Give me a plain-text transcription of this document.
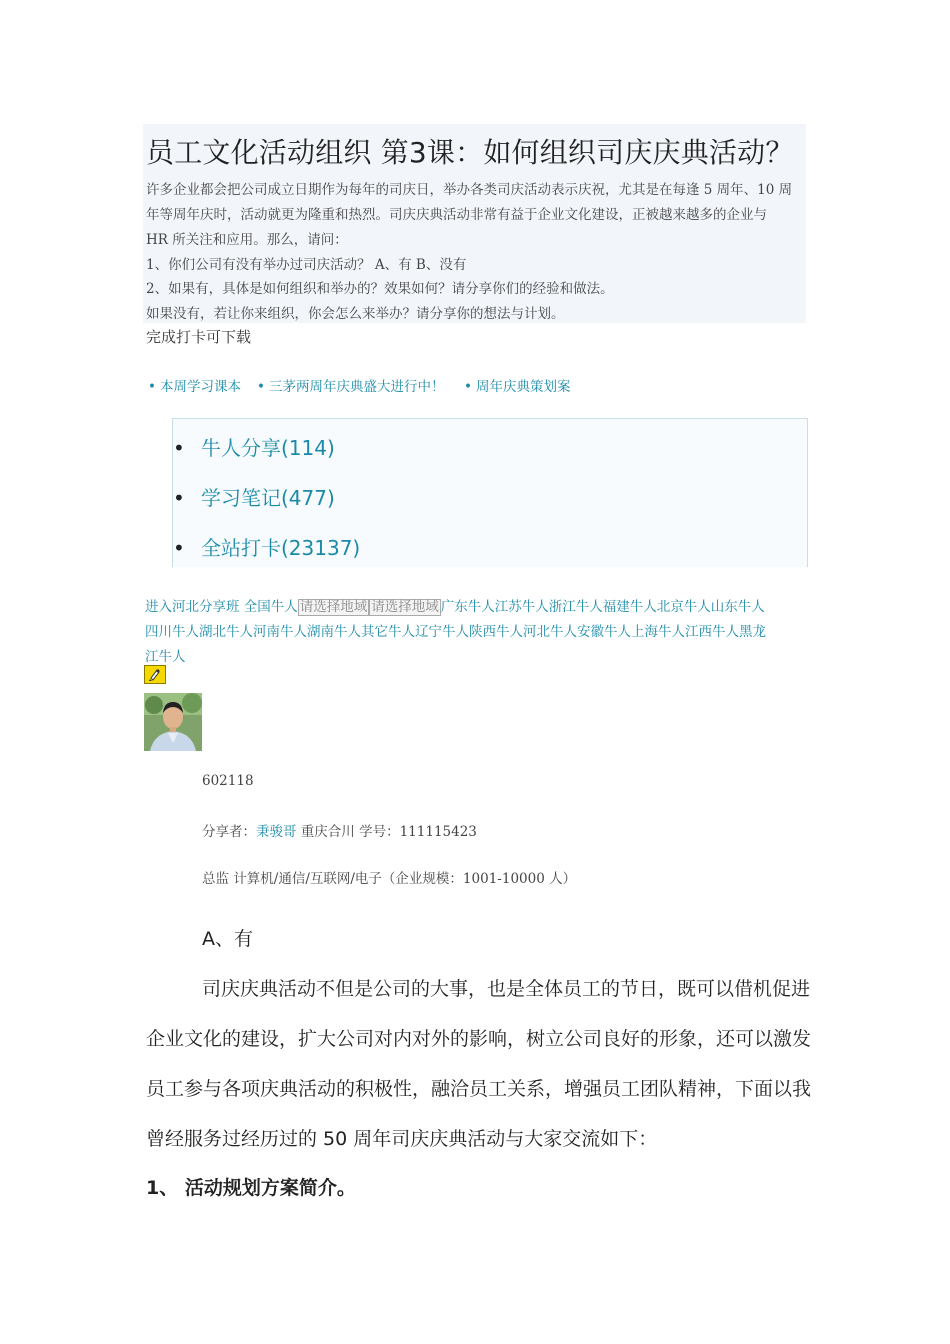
员工文化活动组织 第3课：如何组织司庆庆典活动？
许多企业都会把公司成立日期作为每年的司庆日，举办各类司庆活动表示庆祝，尤其是在每逢 5 周年、10 周
年等周年庆时，活动就更为隆重和热烈。司庆庆典活动非常有益于企业文化建设，正被越来越多的企业与
HR 所关注和应用。那么，请问：
1、你们公司有没有举办过司庆活动？ A、有 B、没有
2、如果有，具体是如何组织和举办的？效果如何？请分享你们的经验和做法。
如果没有，若让你来组织，你会怎么来举办？请分享你的想法与计划。
完成打卡可下载
• 本周学习课本 • 三茅两周年庆典盛大进行中！ • 周年庆典策划案
• 牛人分享(114)
• 学习笔记(477)
• 全站打卡(23137)
进入河北分享班 全国牛人 请选择地域 请选择地域 广东牛人江苏牛人浙江牛人福建牛人北京牛人山东牛人
四川牛人湖北牛人河南牛人湖南牛人其它牛人辽宁牛人陕西牛人河北牛人安徽牛人上海牛人江西牛人黑龙
江牛人
602118
分享者：秉骏哥 重庆合川 学号：111115423
总监 计算机/通信/互联网/电子（企业规模：1001-10000 人）
A、有
司庆庆典活动不但是公司的大事，也是全体员工的节日，既可以借机促进
企业文化的建设，扩大公司对内对外的影响，树立公司良好的形象，还可以激发
员工参与各项庆典活动的积极性，融洽员工关系，增强员工团队精神，下面以我
曾经服务过经历过的 50 周年司庆庆典活动与大家交流如下：
1、 活动规划方案简介。
